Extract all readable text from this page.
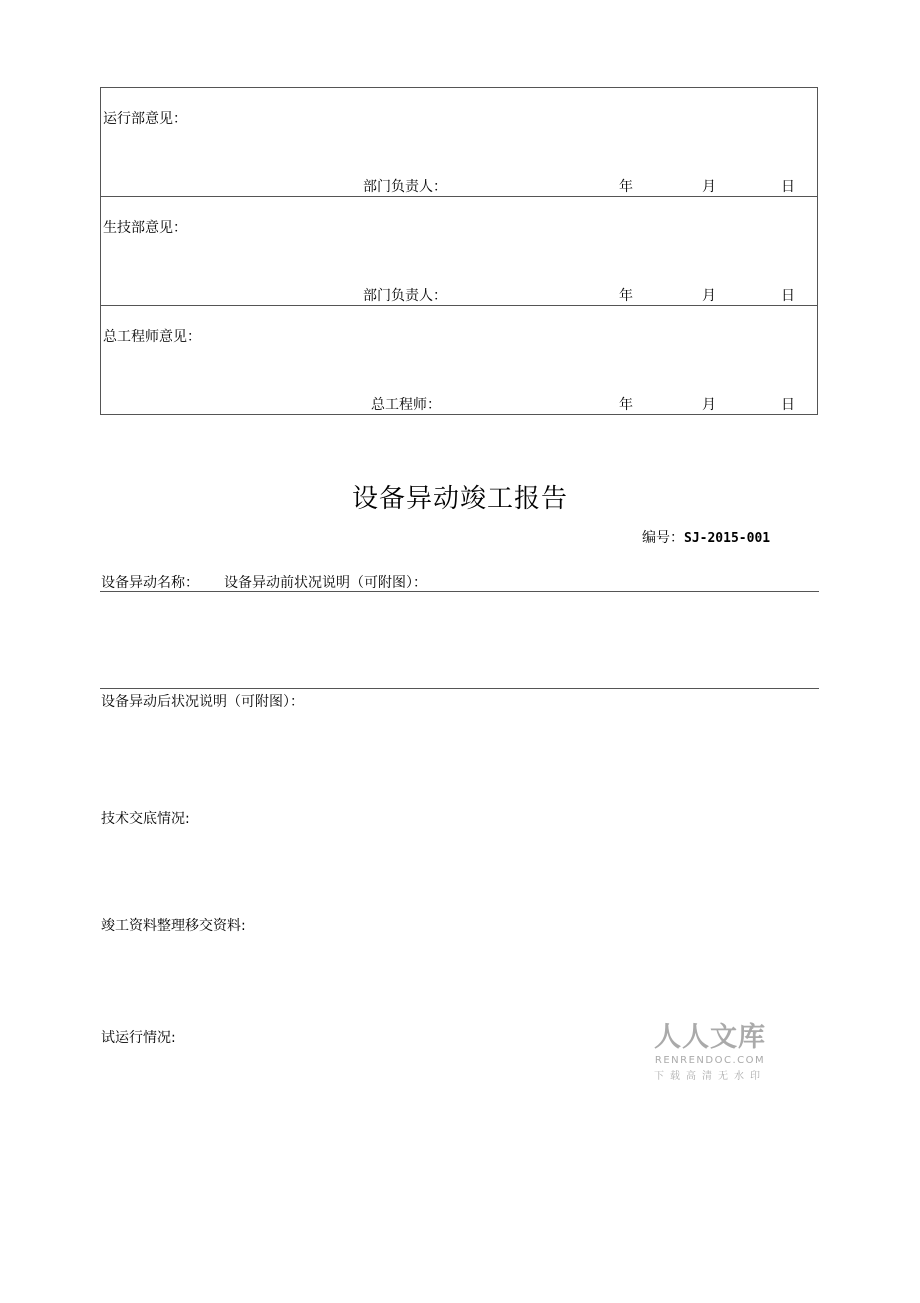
运行部意见：
部门负责人：	年	月	日
生技部意见：
部门负责人：	年	月	日
总工程师意见：
总工程师：	年	月	日
设备异动竣工报告
编号：SJ-2015-001
设备异动名称： 设备异动前状况说明（可附图）：
设备异动后状况说明（可附图）：
技术交底情况:
竣工资料整理移交资料:
试运行情况:	人人文库
RENRENDOC.COM
下载高清无水印
